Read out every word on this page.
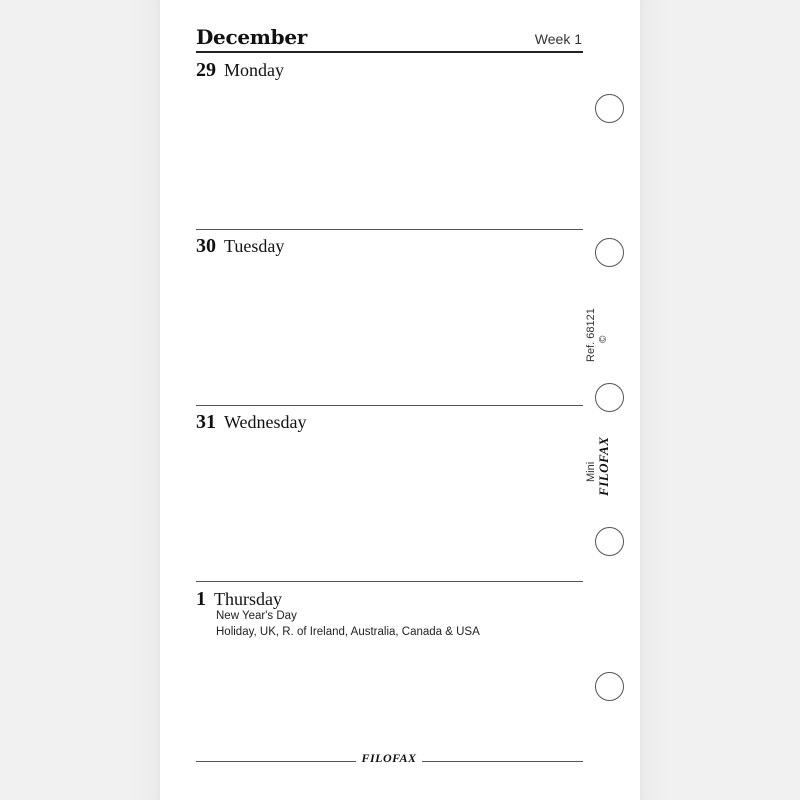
December	Week 1
29 Monday
30 Tuesday
31 Wednesday
1 Thursday
New Year's Day
Holiday, UK, R. of Ireland, Australia, Canada & USA
Ref. 68121 ©
Mini FILOFAX
FILOFAX
